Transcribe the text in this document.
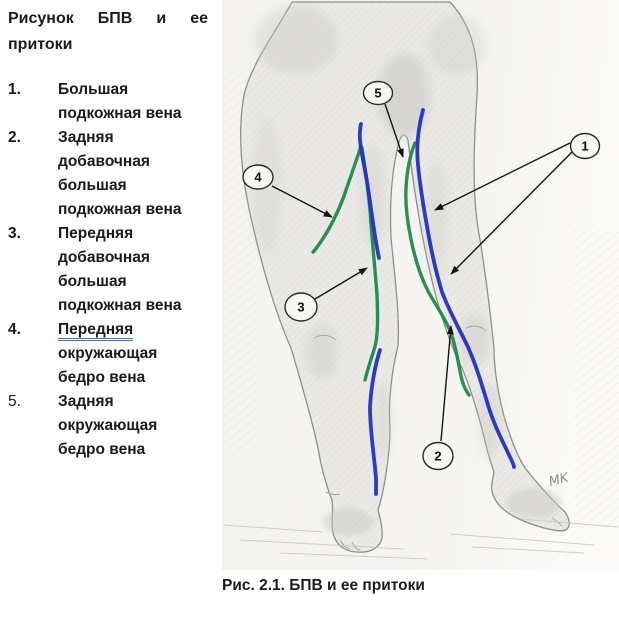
Рисунок БПВ и ее притоки
1.	Большая
подкожная вена
2.	Задняя
добавочная
большая
подкожная вена
3.	Передняя
добавочная
большая
подкожная вена
4.	Передняя
окружающая
бедро вена
5.	Задняя
окружающая
бедро вена
1
2
3
4
5
MK
Рис. 2.1. БПВ и ее притоки
